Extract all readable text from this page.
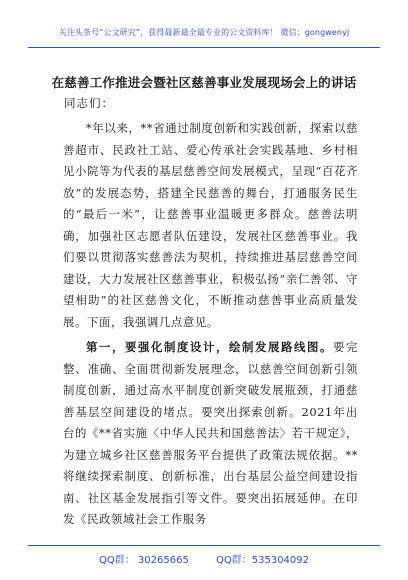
关注头条号“公文研究”，获得最新最全最专业的公文资料库！ 微信：gongwenyj
在慈善工作推进会暨社区慈善事业发展现场会上的讲话
同志们：

*年以来，**省通过制度创新和实践创新，探索以慈善超市、民政社工站、爱心传承社会实践基地、乡村相见小院等为代表的基层慈善空间发展模式，呈现“百花齐放”的发展态势，搭建全民慈善的舞台，打通服务民生的“最后一米”，让慈善事业温暖更多群众。慈善法明确，加强社区志愿者队伍建设，发展社区慈善事业。我们要以贯彻落实慈善法为契机，持续推进基层慈善空间建设，大力发展社区慈善事业，积极弘扬“亲仁善邻、守望相助”的社区慈善文化，不断推动慈善事业高质量发展。下面，我强调几点意见。

第一，要强化制度设计，绘制发展路线图。要完整、准确、全面贯彻新发展理念，以慈善空间创新引领制度创新，通过高水平制度创新突破发展瓶颈，打通慈善基层空间建设的堵点。要突出探索创新。2021年出台的《**省实施〈中华人民共和国慈善法〉若干规定》，为建立城乡社区慈善服务平台提供了政策法规依据。**将继续探索制度、创新标准，出台基层公益空间建设指南、社区基金发展指引等文件。要突出拓展延伸。在印发《民政领域社会工作服务

QQ群： 30265665	QQ群：535304092
